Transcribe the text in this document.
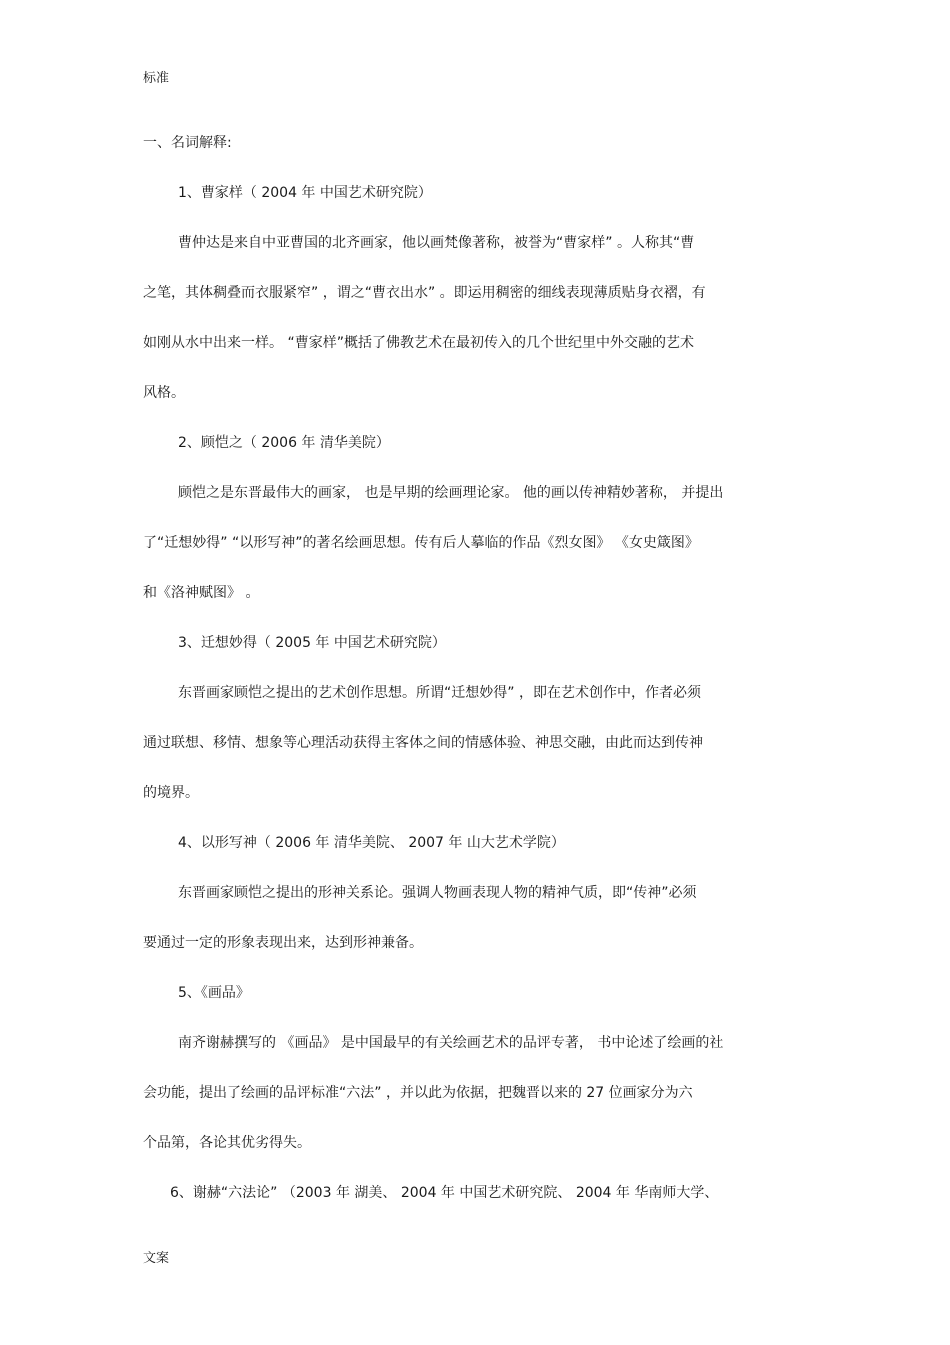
标准
一、名词解释:
1、曹家样（ 2004 年 中国艺术研究院）
曹仲达是来自中亚曹国的北齐画家，他以画梵像著称，被誉为“曹家样” 。人称其“曹
之笔，其体稠叠而衣服紧窄” ，谓之“曹衣出水” 。即运用稠密的细线表现薄质贴身衣褶，有
如刚从水中出来一样。 “曹家样”概括了佛教艺术在最初传入的几个世纪里中外交融的艺术
风格。
2、顾恺之（ 2006 年 清华美院）
顾恺之是东晋最伟大的画家， 也是早期的绘画理论家。 他的画以传神精妙著称， 并提出
了“迁想妙得” “以形写神”的著名绘画思想。传有后人摹临的作品《烈女图》 《女史箴图》
和《洛神赋图》 。
3、迁想妙得（ 2005 年 中国艺术研究院）
东晋画家顾恺之提出的艺术创作思想。所谓“迁想妙得” ，即在艺术创作中，作者必须
通过联想、移情、想象等心理活动获得主客体之间的情感体验、神思交融，由此而达到传神
的境界。
4、以形写神（ 2006 年 清华美院、 2007 年 山大艺术学院）
东晋画家顾恺之提出的形神关系论。强调人物画表现人物的精神气质，即“传神”必须
要通过一定的形象表现出来，达到形神兼备。
5、《画品》
南齐谢赫撰写的 《画品》 是中国最早的有关绘画艺术的品评专著， 书中论述了绘画的社
会功能，提出了绘画的品评标准“六法” ，并以此为依据，把魏晋以来的 27 位画家分为六
个品第，各论其优劣得失。
6、谢赫“六法论” （2003 年 湖美、 2004 年 中国艺术研究院、 2004 年 华南师大学、
文案
